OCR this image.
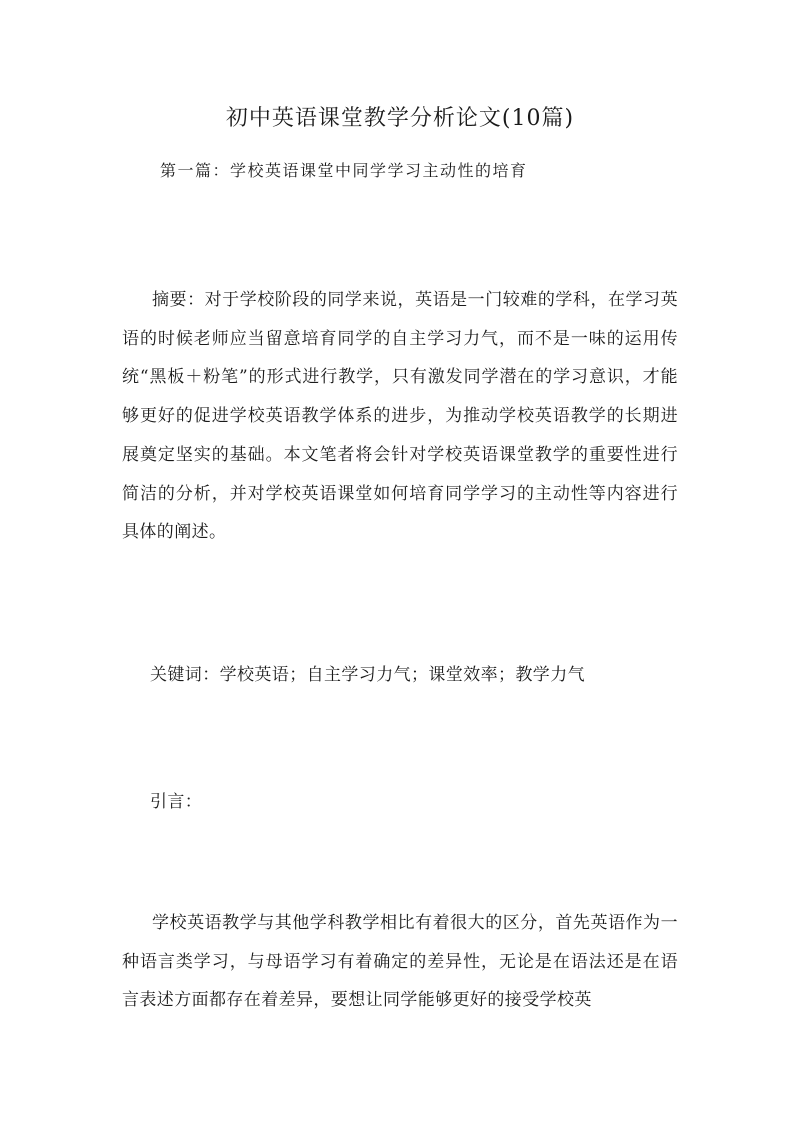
初中英语课堂教学分析论文(10篇)

第一篇：学校英语课堂中同学学习主动性的培育

摘要：对于学校阶段的同学来说，英语是一门较难的学科，在学习英语的时候老师应当留意培育同学的自主学习力气，而不是一味的运用传统“黑板＋粉笔”的形式进行教学，只有激发同学潜在的学习意识，才能够更好的促进学校英语教学体系的进步，为推动学校英语教学的长期进展奠定坚实的基础。本文笔者将会针对学校英语课堂教学的重要性进行简洁的分析，并对学校英语课堂如何培育同学学习的主动性等内容进行具体的阐述。

关键词：学校英语；自主学习力气；课堂效率；教学力气

引言：

学校英语教学与其他学科教学相比有着很大的区分，首先英语作为一种语言类学习，与母语学习有着确定的差异性，无论是在语法还是在语言表述方面都存在着差异，要想让同学能够更好的接受学校英
